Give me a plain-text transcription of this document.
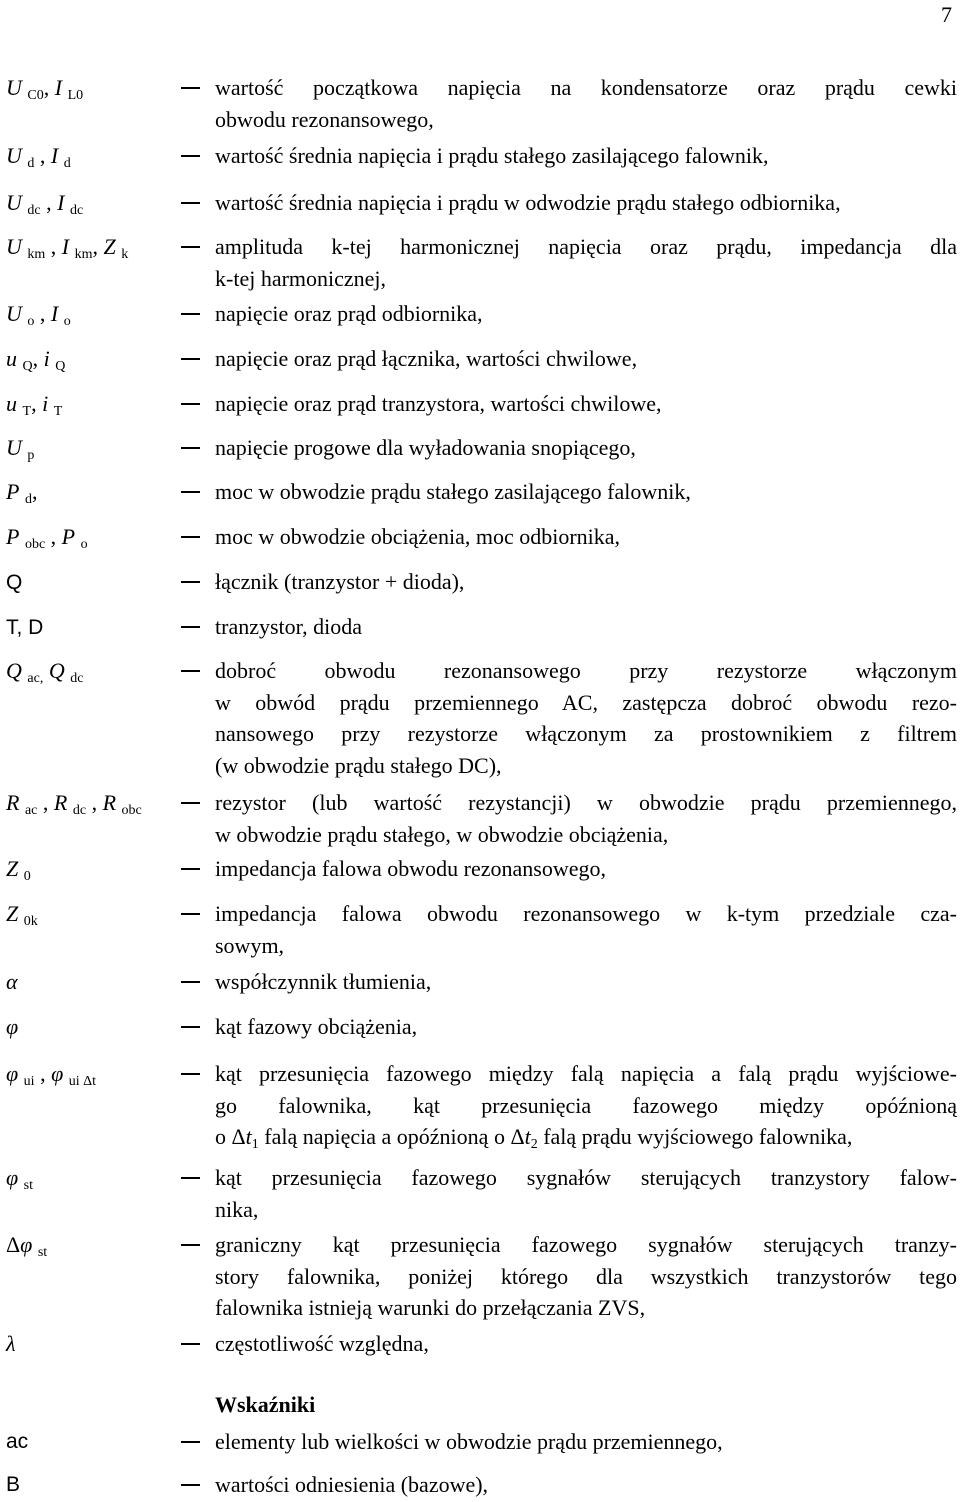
7
U $_{C0}$, I $_{L0}$	wartość początkowa napięcia na kondensatorze oraz prądu cewki
obwodu rezonansowego,
U $_d$ , I $_d$	wartość średnia napięcia i prądu stałego zasilającego falownik,
U $_{dc}$ , I $_{dc}$	wartość średnia napięcia i prądu w odwodzie prądu stałego odbiornika,
U $_{km}$ , I $_{km}$, Z $_k$	amplituda k-tej harmonicznej napięcia oraz prądu, impedancja dla
k-tej harmonicznej,
U $_o$ , I $_o$	napięcie oraz prąd odbiornika,
u $_Q$, i $_Q$	napięcie oraz prąd łącznika, wartości chwilowe,
u $_T$, i $_T$	napięcie oraz prąd tranzystora, wartości chwilowe,
U $_p$	napięcie progowe dla wyładowania snopiącego,
P $_d$,	moc w obwodzie prądu stałego zasilającego falownik,
P $_{obc}$ , P $_o$	moc w obwodzie obciążenia, moc odbiornika,
Q	łącznik (tranzystor + dioda),
T, D	tranzystor, dioda
Q $_{ac,}$ Q $_{dc}$	dobroć obwodu rezonansowego przy rezystorze włączonym
w obwód prądu przemiennego AC, zastępcza dobroć obwodu rezo-
nansowego przy rezystorze włączonym za prostownikiem z filtrem
(w obwodzie prądu stałego DC),
R $_{ac}$ , R $_{dc}$ , R $_{obc}$	rezystor (lub wartość rezystancji) w obwodzie prądu przemiennego,
w obwodzie prądu stałego, w obwodzie obciążenia,
Z $_0$	impedancja falowa obwodu rezonansowego,
Z $_{0k}$	impedancja falowa obwodu rezonansowego w k-tym przedziale cza-
sowym,
α	współczynnik tłumienia,
φ	kąt fazowy obciążenia,
φ $_{ui}$ , φ $_{ui \Delta t}$	kąt przesunięcia fazowego między falą napięcia a falą prądu wyjściowe-
go falownika, kąt przesunięcia fazowego między opóźnioną
o $\Delta t_1$ falą napięcia a opóźnioną o $\Delta t_2$ falą prądu wyjściowego falownika,
φ $_{st}$	kąt przesunięcia fazowego sygnałów sterujących tranzystory falow-
nika,
Δφ $_{st}$	graniczny kąt przesunięcia fazowego sygnałów sterujących tranzy-
story falownika, poniżej którego dla wszystkich tranzystorów tego
falownika istnieją warunki do przełączania ZVS,
λ	częstotliwość względna,
Wskaźniki
ac	elementy lub wielkości w obwodzie prądu przemiennego,
B	wartości odniesienia (bazowe),
